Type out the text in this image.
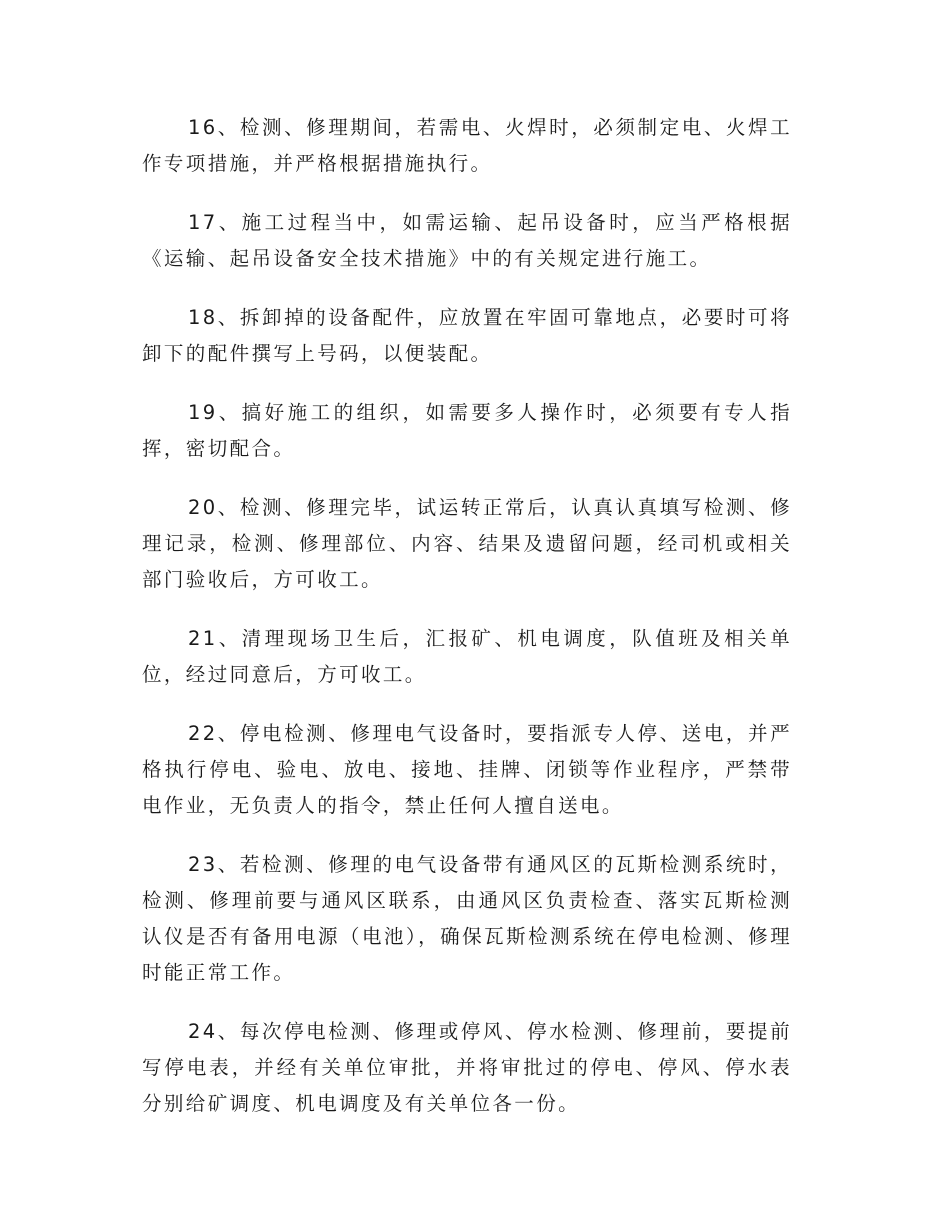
16、检测、修理期间，若需电、火焊时，必须制定电、火焊工作专项措施，并严格根据措施执行。

17、施工过程当中，如需运输、起吊设备时，应当严格根据《运输、起吊设备安全技术措施》中的有关规定进行施工。

18、拆卸掉的设备配件，应放置在牢固可靠地点，必要时可将卸下的配件撰写上号码，以便装配。

19、搞好施工的组织，如需要多人操作时，必须要有专人指挥，密切配合。

20、检测、修理完毕，试运转正常后，认真认真填写检测、修理记录，检测、修理部位、内容、结果及遗留问题，经司机或相关部门验收后，方可收工。

21、清理现场卫生后，汇报矿、机电调度，队值班及相关单位，经过同意后，方可收工。

22、停电检测、修理电气设备时，要指派专人停、送电，并严格执行停电、验电、放电、接地、挂牌、闭锁等作业程序，严禁带电作业，无负责人的指令，禁止任何人擅自送电。

23、若检测、修理的电气设备带有通风区的瓦斯检测系统时，检测、修理前要与通风区联系，由通风区负责检查、落实瓦斯检测认仪是否有备用电源（电池），确保瓦斯检测系统在停电检测、修理时能正常工作。

24、每次停电检测、修理或停风、停水检测、修理前，要提前写停电表，并经有关单位审批，并将审批过的停电、停风、停水表分别给矿调度、机电调度及有关单位各一份。
